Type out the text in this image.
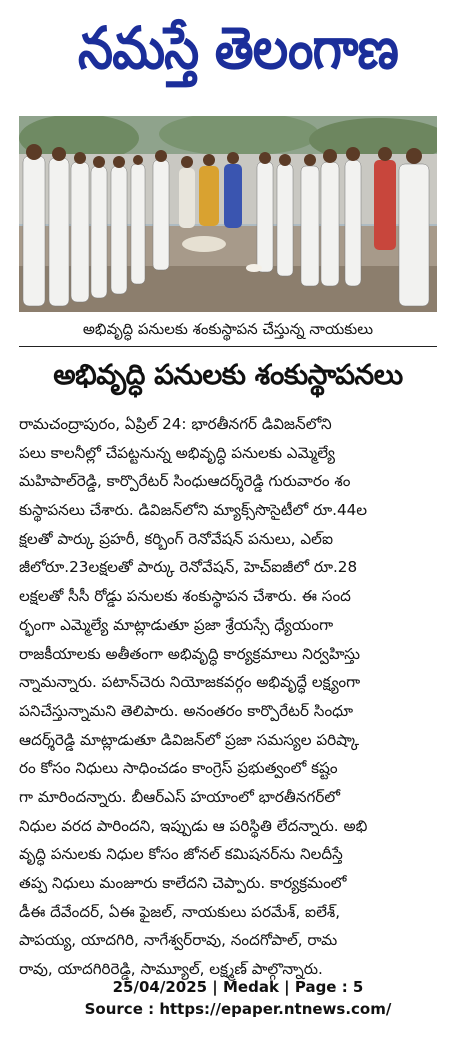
నమస్తే తెలంగాణ
అభివృద్ధి పనులకు శంకుస్థాపన చేస్తున్న నాయకులు
అభివృద్ధి పనులకు శంకుస్థాపనలు
రామచంద్రాపురం, ఏప్రిల్ 24: భారతీనగర్ డివిజన్‌లోని
పలు కాలనీల్లో చేపట్టనున్న అభివృద్ధి పనులకు ఎమ్మెల్యే
మహిపాల్‌రెడ్డి, కార్పొరేటర్ సింధుఆదర్శ్‌రెడ్డి గురువారం శం
కుస్థాపనలు చేశారు. డివిజన్‌లోని మ్యాక్స్‌సొసైటీలో రూ.44ల
క్షలతో పార్కు ప్రహరీ, కర్బింగ్ రెనోవేషన్ పనులు, ఎల్‌ఐ
జీలోరూ.23లక్షలతో పార్కు రెనోవేషన్, హెచ్‌ఐజీలో రూ.28
లక్షలతో సీసీ రోడ్డు పనులకు శంకుస్థాపన చేశారు. ఈ సంద
ర్భంగా ఎమ్మెల్యే మాట్లాడుతూ ప్రజా శ్రేయస్సే ధ్యేయంగా
రాజకీయాలకు అతీతంగా అభివృద్ధి కార్యక్రమాలు నిర్వహిస్తు
న్నామన్నారు. పటాన్‌చెరు నియోజకవర్గం అభివృద్ధే లక్ష్యంగా
పనిచేస్తున్నామని తెలిపారు. అనంతరం కార్పొరేటర్ సింధూ
ఆదర్శ్‌రెడ్డి మాట్లాడుతూ డివిజన్‌లో ప్రజా సమస్యల పరిష్కా
రం కోసం నిధులు సాధించడం కాంగ్రెస్ ప్రభుత్వంలో కష్టం
గా మారిందన్నారు. బీఆర్‌ఎస్ హయాంలో భారతీనగర్‌లో
నిధుల వరద పారిందని, ఇప్పుడు ఆ పరిస్థితి లేదన్నారు. అభి
వృద్ధి పనులకు నిధుల కోసం జోనల్ కమిషనర్‌ను నిలదీస్తే
తప్ప నిధులు మంజూరు కాలేదని చెప్పారు. కార్యక్రమంలో
డీఈ దేవేందర్, ఏఈ ఫైజల్, నాయకులు పరమేశ్, ఐలేశ్,
పాపయ్య, యాదగిరి, నాగేశ్వర్‌రావు, నందగోపాల్, రామ
రావు, యాదగిరిరెడ్డి, సామ్యూల్, లక్ష్మణ్ పాల్గొన్నారు.
25/04/2025 | Medak | Page : 5
Source : https://epaper.ntnews.com/
